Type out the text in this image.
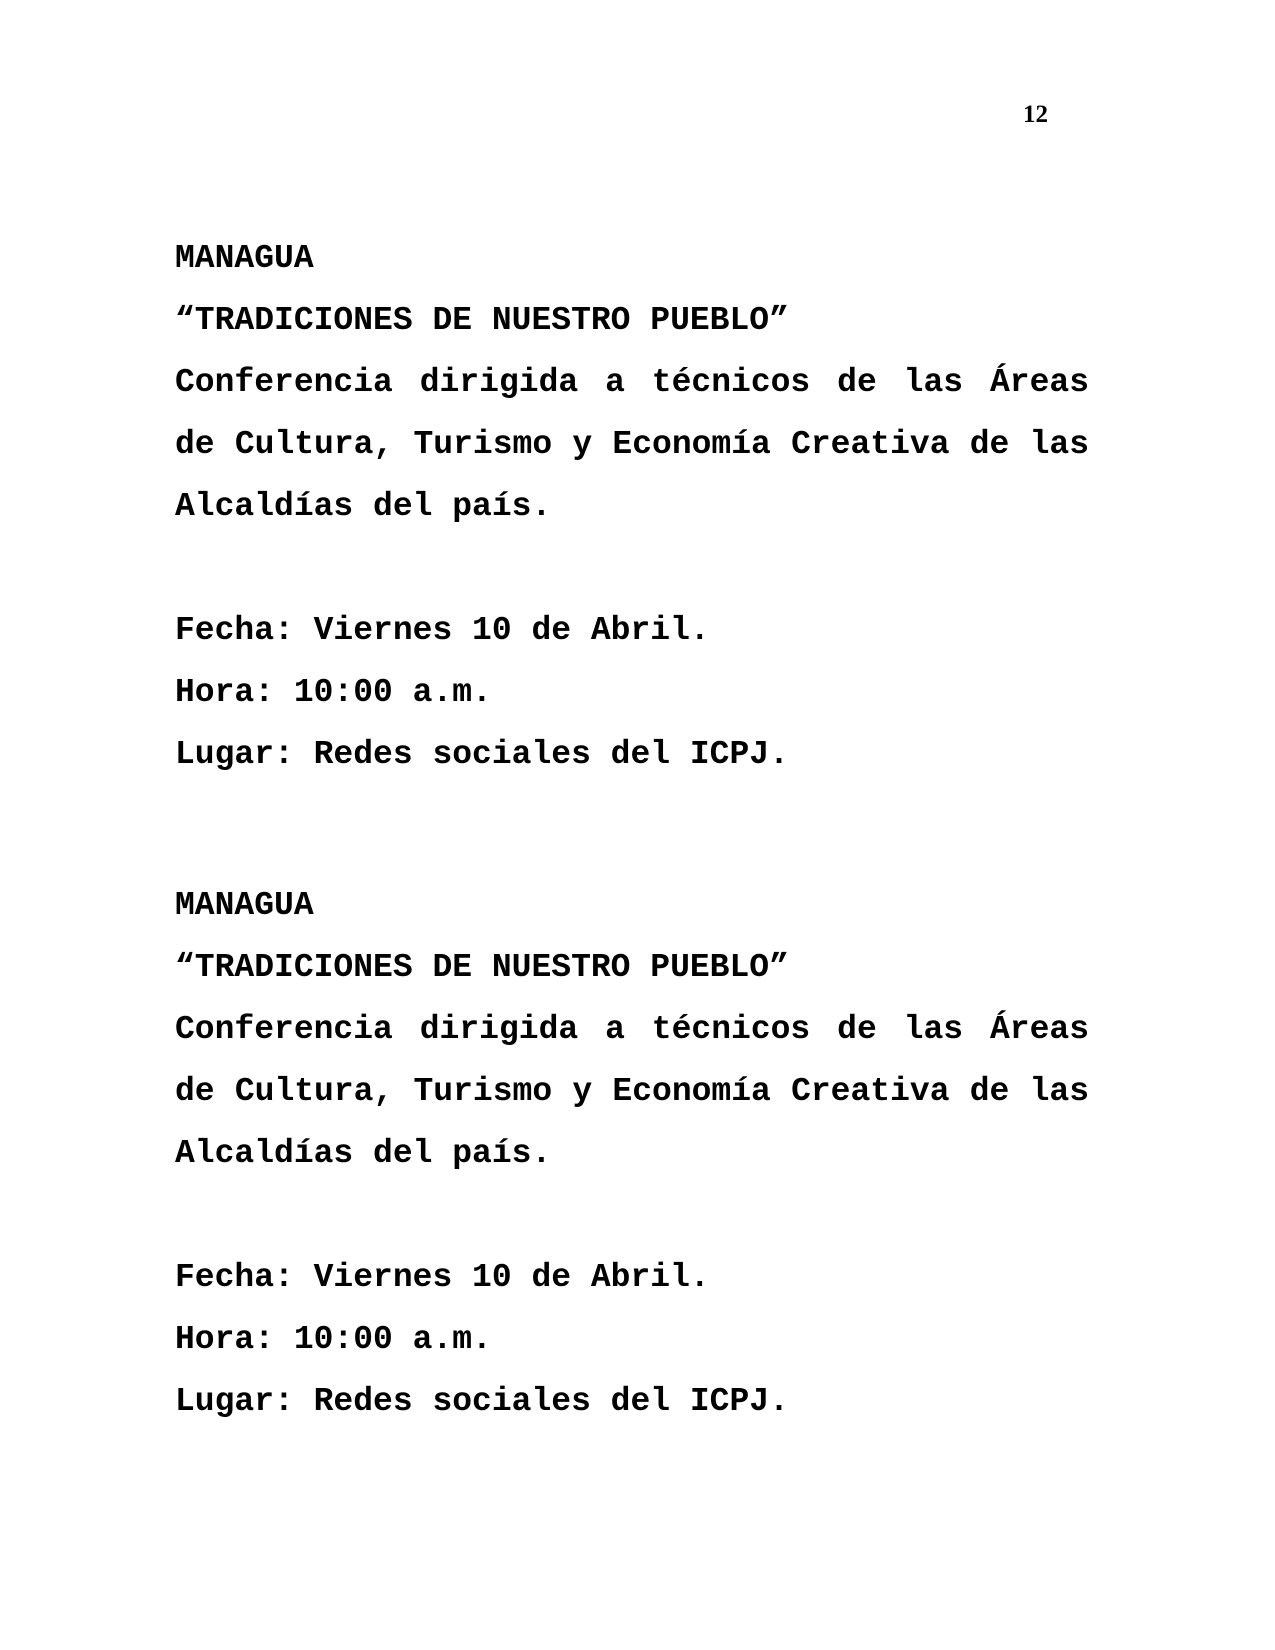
12

MANAGUA

“TRADICIONES DE NUESTRO PUEBLO”

Conferencia dirigida a técnicos de las Áreas de Cultura, Turismo y Economía Creativa de las Alcaldías del país.

Fecha: Viernes 10 de Abril.

Hora: 10:00 a.m.

Lugar: Redes sociales del ICPJ.

MANAGUA

“TRADICIONES DE NUESTRO PUEBLO”

Conferencia dirigida a técnicos de las Áreas de Cultura, Turismo y Economía Creativa de las Alcaldías del país.

Fecha: Viernes 10 de Abril.

Hora: 10:00 a.m.

Lugar: Redes sociales del ICPJ.
